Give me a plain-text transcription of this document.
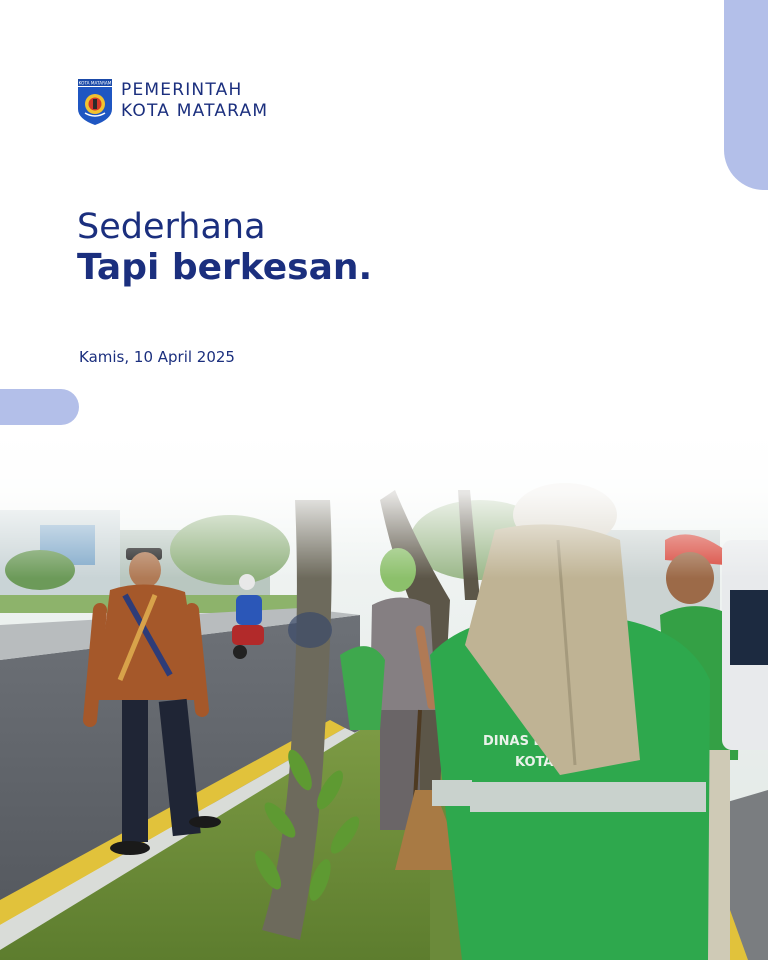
KOTA MATARAM PEMERINTAH
KOTA MATARAM
Sederhana
Tapi berkesan.
Kamis, 10 April 2025
